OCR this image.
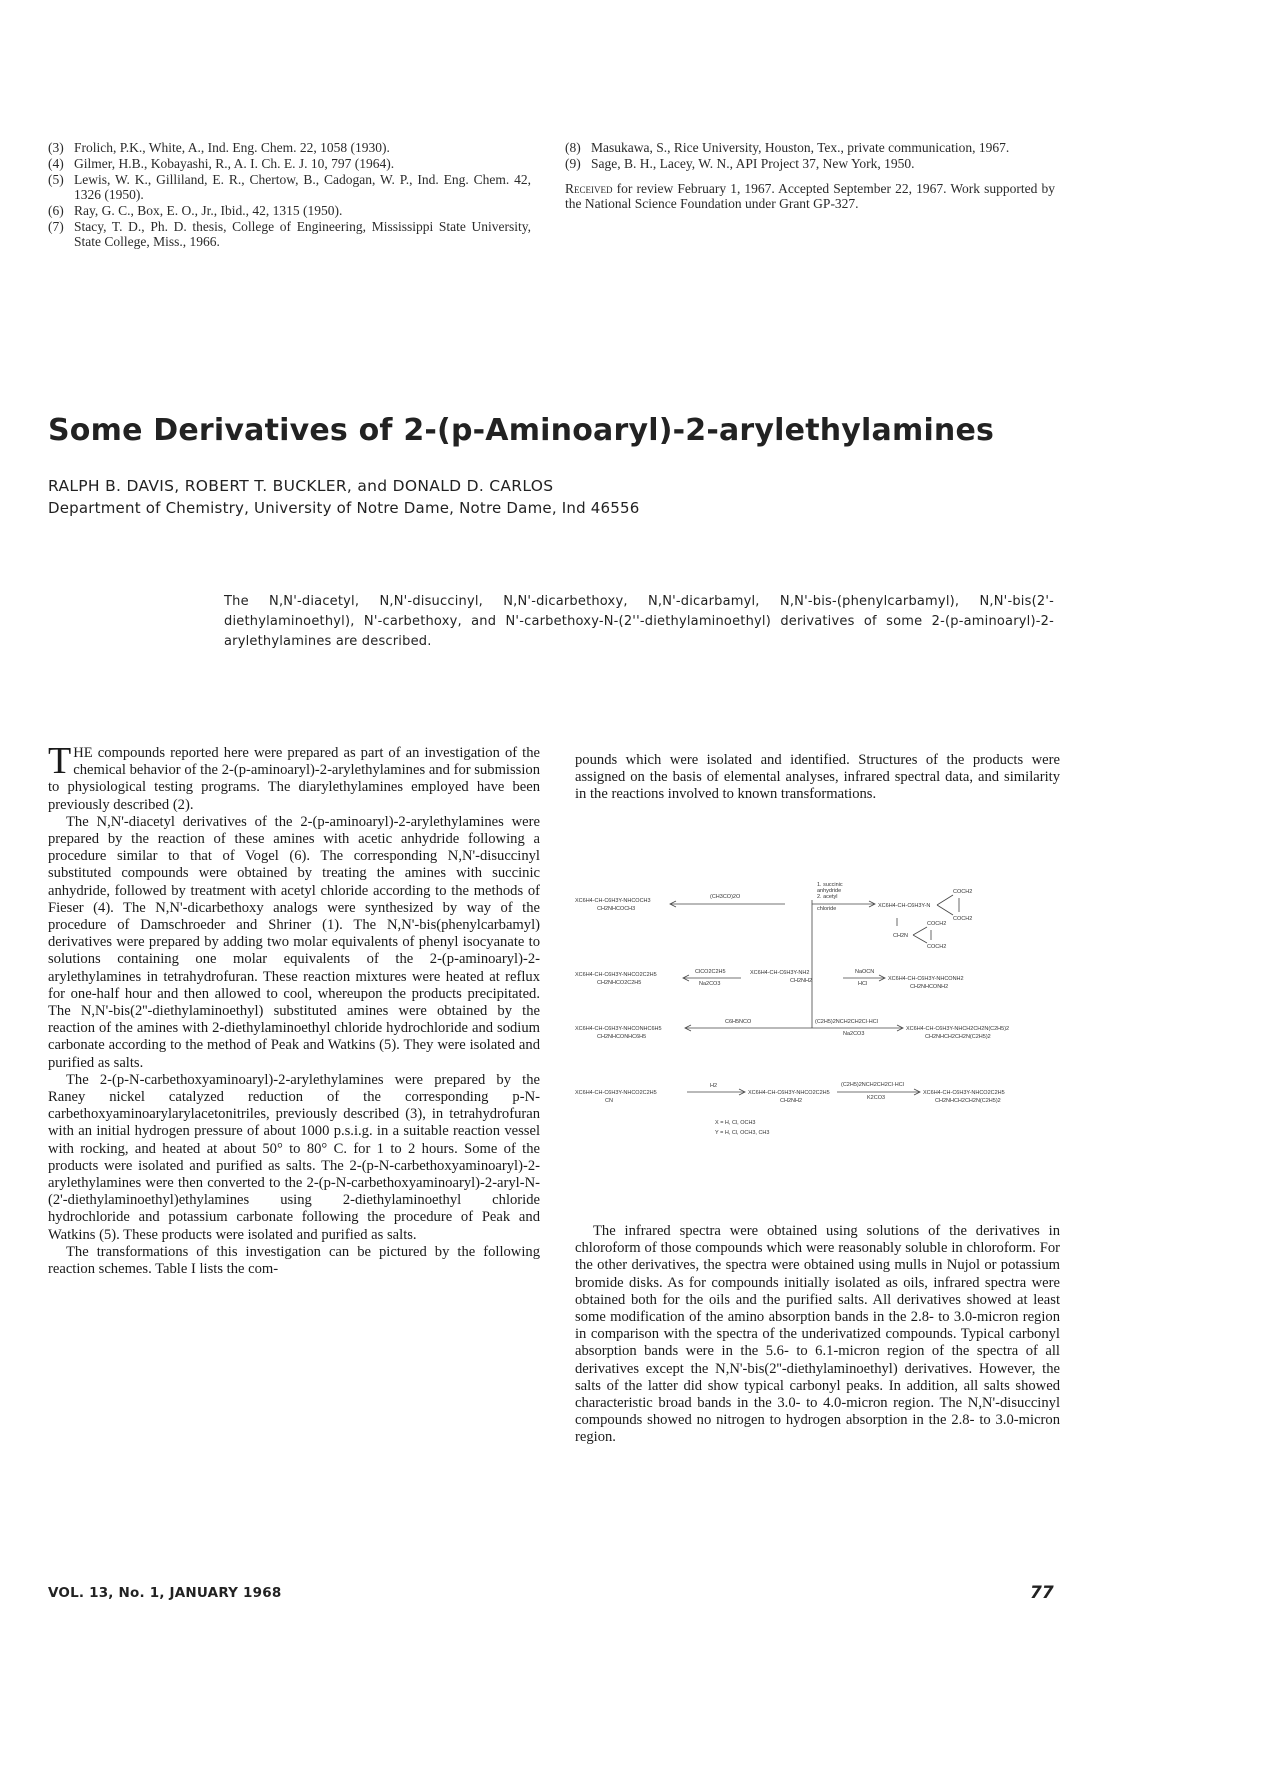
(3) Frolich, P.K., White, A., Ind. Eng. Chem. 22, 1058 (1930).
(4) Gilmer, H.B., Kobayashi, R., A. I. Ch. E. J. 10, 797 (1964).
(5) Lewis, W. K., Gilliland, E. R., Chertow, B., Cadogan, W. P., Ind. Eng. Chem. 42, 1326 (1950).
(6) Ray, G. C., Box, E. O., Jr., Ibid., 42, 1315 (1950).
(7) Stacy, T. D., Ph. D. thesis, College of Engineering, Mississippi State University, State College, Miss., 1966.
(8) Masukawa, S., Rice University, Houston, Tex., private communication, 1967.
(9) Sage, B. H., Lacey, W. N., API Project 37, New York, 1950.
Received for review February 1, 1967. Accepted September 22, 1967. Work supported by the National Science Foundation under Grant GP-327.
Some Derivatives of 2-(p-Aminoaryl)-2-arylethylamines
RALPH B. DAVIS, ROBERT T. BUCKLER, and DONALD D. CARLOS
Department of Chemistry, University of Notre Dame, Notre Dame, Ind 46556
The N,N'-diacetyl, N,N'-disuccinyl, N,N'-dicarbethoxy, N,N'-dicarbamyl, N,N'-bis-(phenylcarbamyl), N,N'-bis(2'-diethylaminoethyl), N'-carbethoxy, and N'-carbethoxy-N-(2''-diethylaminoethyl) derivatives of some 2-(p-aminoaryl)-2-arylethylamines are described.

THE compounds reported here were prepared as part of an investigation of the chemical behavior of the 2-(p-aminoaryl)-2-arylethylamines and for submission to physiological testing programs. The diarylethylamines employed have been previously described (2).

The N,N'-diacetyl derivatives of the 2-(p-aminoaryl)-2-arylethylamines were prepared by the reaction of these amines with acetic anhydride following a procedure similar to that of Vogel (6). The corresponding N,N'-disuccinyl substituted compounds were obtained by treating the amines with succinic anhydride, followed by treatment with acetyl chloride according to the methods of Fieser (4). The N,N'-dicarbethoxy analogs were synthesized by way of the procedure of Damschroeder and Shriner (1). The N,N'-bis(phenylcarbamyl) derivatives were prepared by adding two molar equivalents of phenyl isocyanate to solutions containing one molar equivalents of the 2-(p-aminoaryl)-2-arylethylamines in tetrahydrofuran. These reaction mixtures were heated at reflux for one-half hour and then allowed to cool, whereupon the products precipitated. The N,N'-bis(2''-diethylaminoethyl) substituted amines were obtained by the reaction of the amines with 2-diethylaminoethyl chloride hydrochloride and sodium carbonate according to the method of Peak and Watkins (5). They were isolated and purified as salts.

The 2-(p-N-carbethoxyaminoaryl)-2-arylethylamines were prepared by the Raney nickel catalyzed reduction of the corresponding p-N-carbethoxyaminoarylarylacetonitriles, previously described (3), in tetrahydrofuran with an initial hydrogen pressure of about 1000 p.s.i.g. in a suitable reaction vessel with rocking, and heated at about 50° to 80° C. for 1 to 2 hours. Some of the products were isolated and purified as salts. The 2-(p-N-carbethoxyaminoaryl)-2-arylethylamines were then converted to the 2-(p-N-carbethoxyaminoaryl)-2-aryl-N-(2'-diethylaminoethyl)ethylamines using 2-diethylaminoethyl chloride hydrochloride and potassium carbonate following the procedure of Peak and Watkins (5). These products were isolated and purified as salts.

The transformations of this investigation can be pictured by the following reaction schemes. Table I lists the com-

pounds which were isolated and identified. Structures of the products were assigned on the basis of elemental analyses, infrared spectral data, and similarity in the reactions involved to known transformations.

XC6H4-CH-C6H3Y-NHCOCH3
CH2NHCOCH3
(CH3CO)2O
1. succinic
anhydride
2. acetyl
chloride	XC6H4-CH-C6H3Y-N
COCH2
COCH2
COCH2
COCH2
CH2N
XC6H4-CH-C6H3Y-NHCO2C2H5
CH2NHCO2C2H5
ClCO2C2H5
Na2CO3
XC6H4-CH-C6H3Y-NH2
CH2NH2
NaOCN
HCl
XC6H4-CH-C6H3Y-NHCONH2
CH2NHCONH2
XC6H4-CH-C6H3Y-NHCONHC6H5
CH2NHCONHC6H5
C6H5NCO	(C2H5)2NCH2CH2Cl·HCl
Na2CO3
XC6H4-CH-C6H3Y-NHCH2CH2N(C2H5)2
CH2NHCH2CH2N(C2H5)2
XC6H4-CH-C6H3Y-NHCO2C2H5
CN
H2
XC6H4-CH-C6H3Y-NHCO2C2H5
CH2NH2
(C2H5)2NCH2CH2Cl·HCl
K2CO3
XC6H4-CH-C6H3Y-NHCO2C2H5
CH2NHCH2CH2N(C2H5)2
X = H, Cl, OCH3
Y = H, Cl, OCH3, CH3

The infrared spectra were obtained using solutions of the derivatives in chloroform of those compounds which were reasonably soluble in chloroform. For the other derivatives, the spectra were obtained using mulls in Nujol or potassium bromide disks. As for compounds initially isolated as oils, infrared spectra were obtained both for the oils and the purified salts. All derivatives showed at least some modification of the amino absorption bands in the 2.8- to 3.0-micron region in comparison with the spectra of the underivatized compounds. Typical carbonyl absorption bands were in the 5.6- to 6.1-micron region of the spectra of all derivatives except the N,N'-bis(2''-diethylaminoethyl) derivatives. However, the salts of the latter did show typical carbonyl peaks. In addition, all salts showed characteristic broad bands in the 3.0- to 4.0-micron region. The N,N'-disuccinyl compounds showed no nitrogen to hydrogen absorption in the 2.8- to 3.0-micron region.

VOL. 13, No. 1, JANUARY 1968	77
